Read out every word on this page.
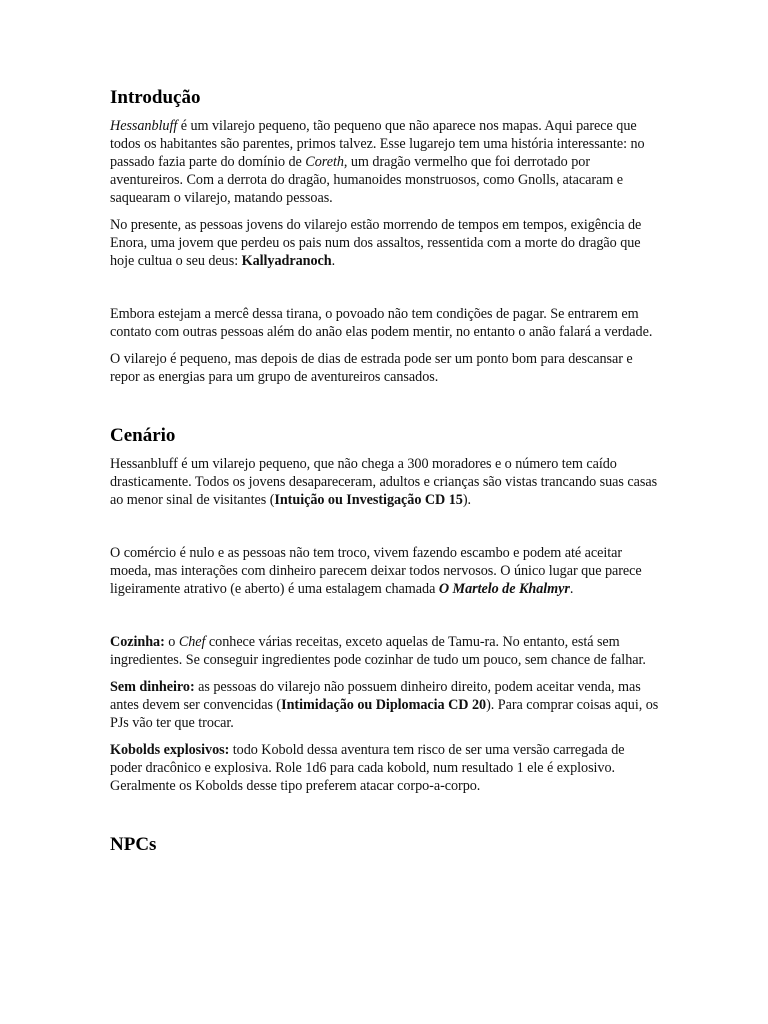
Introdução

Hessanbluff é um vilarejo pequeno, tão pequeno que não aparece nos mapas. Aqui parece que todos os habitantes são parentes, primos talvez. Esse lugarejo tem uma história interessante: no passado fazia parte do domínio de Coreth, um dragão vermelho que foi derrotado por aventureiros. Com a derrota do dragão, humanoides monstruosos, como Gnolls, atacaram e saquearam o vilarejo, matando pessoas.

No presente, as pessoas jovens do vilarejo estão morrendo de tempos em tempos, exigência de Enora, uma jovem que perdeu os pais num dos assaltos, ressentida com a morte do dragão que hoje cultua o seu deus: Kallyadranoch.

Embora estejam a mercê dessa tirana, o povoado não tem condições de pagar. Se entrarem em contato com outras pessoas além do anão elas podem mentir, no entanto o anão falará a verdade.

O vilarejo é pequeno, mas depois de dias de estrada pode ser um ponto bom para descansar e repor as energias para um grupo de aventureiros cansados.

Cenário

Hessanbluff é um vilarejo pequeno, que não chega a 300 moradores e o número tem caído drasticamente. Todos os jovens desapareceram, adultos e crianças são vistas trancando suas casas ao menor sinal de visitantes (Intuição ou Investigação CD 15).

O comércio é nulo e as pessoas não tem troco, vivem fazendo escambo e podem até aceitar moeda, mas interações com dinheiro parecem deixar todos nervosos. O único lugar que parece ligeiramente atrativo (e aberto) é uma estalagem chamada O Martelo de Khalmyr.

Cozinha: o Chef conhece várias receitas, exceto aquelas de Tamu-ra. No entanto, está sem ingredientes. Se conseguir ingredientes pode cozinhar de tudo um pouco, sem chance de falhar.

Sem dinheiro: as pessoas do vilarejo não possuem dinheiro direito, podem aceitar venda, mas antes devem ser convencidas (Intimidação ou Diplomacia CD 20). Para comprar coisas aqui, os PJs vão ter que trocar.

Kobolds explosivos: todo Kobold dessa aventura tem risco de ser uma versão carregada de poder dracônico e explosiva. Role 1d6 para cada kobold, num resultado 1 ele é explosivo. Geralmente os Kobolds desse tipo preferem atacar corpo-a-corpo.

NPCs
